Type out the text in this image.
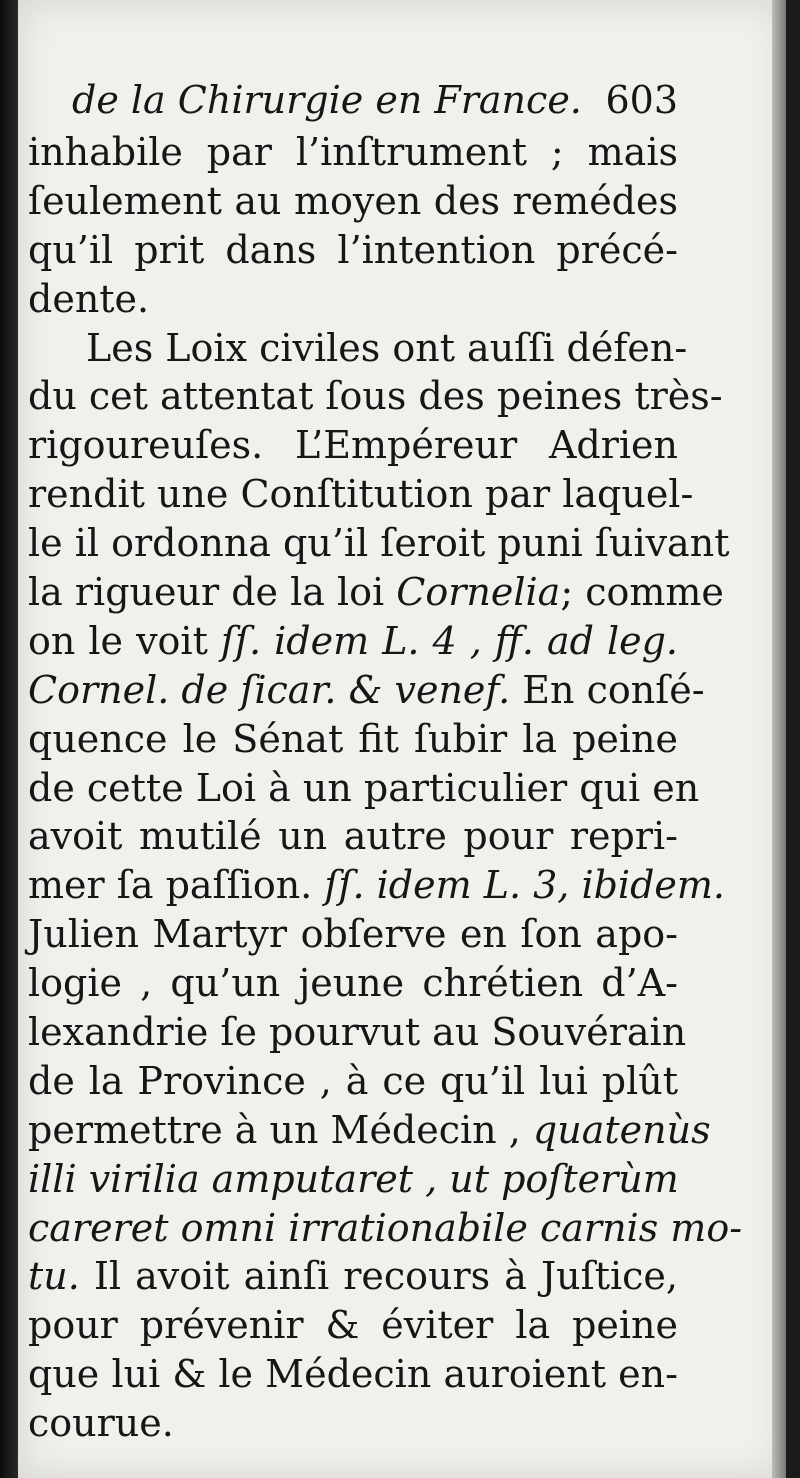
de la Chirurgie en France. 603
inhabile par l’inſtrument ; mais
ſeulement au moyen des remédes
qu’il prit dans l’intention précé-
dente.
Les Loix civiles ont auſſi défen-
du cet attentat ſous des peines très-
rigoureuſes. L’Empéreur Adrien
rendit une Conſtitution par laquel-
le il ordonna qu’il ſeroit puni ſuivant
la rigueur de la loi Cornelia; comme
on le voit ſſ. idem L. 4 , ff. ad leg.
Cornel. de ſicar. & venef. En conſé-
quence le Sénat fit ſubir la peine
de cette Loi à un particulier qui en
avoit mutilé un autre pour repri-
mer ſa paſſion. ſſ. idem L. 3, ibidem.
Julien Martyr obſerve en ſon apo-
logie , qu’un jeune chrétien d’A-
lexandrie ſe pourvut au Souvérain
de la Province , à ce qu’il lui plût
permettre à un Médecin , quatenùs
illi virilia amputaret , ut poſterùm
careret omni irrationabile carnis mo-
tu. Il avoit ainſi recours à Juſtice,
pour prévenir & éviter la peine
que lui & le Médecin auroient en-
courue.
